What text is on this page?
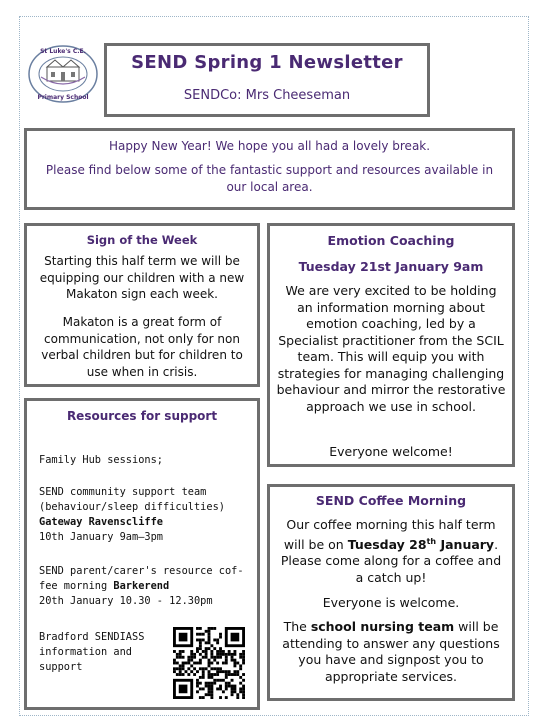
St Luke's C.E.
Primary School
SEND Spring 1 Newsletter
SENDCo: Mrs Cheeseman

Happy New Year! We hope you all had a lovely break.

Please find below some of the fantastic support and resources available in our local area.

Sign of the Week

Starting this half term we will be equipping our children with a new Makaton sign each week.

Makaton is a great form of communication, not only for non verbal children but for children to use when in crisis.

Emotion Coaching

Tuesday 21st January 9am

We are very excited to be holding an information morning about emotion coaching, led by a Specialist practitioner from the SCIL team. This will equip you with strategies for managing challenging behaviour and mirror the restorative approach we use in school.

Everyone welcome!

Resources for support

Family Hub sessions;

SEND community support team
(behaviour/sleep difficulties)
Gateway Ravenscliffe
10th January 9am—3pm
SEND parent/carer's resource cof-
fee morning Barkerend
20th January 10.30 - 12.30pm

Bradford SENDIASS information and support

SEND Coffee Morning

Our coffee morning this half term will be on Tuesday 28th January. Please come along for a coffee and a catch up!

Everyone is welcome.

The school nursing team will be attending to answer any questions you have and signpost you to appropriate services.
